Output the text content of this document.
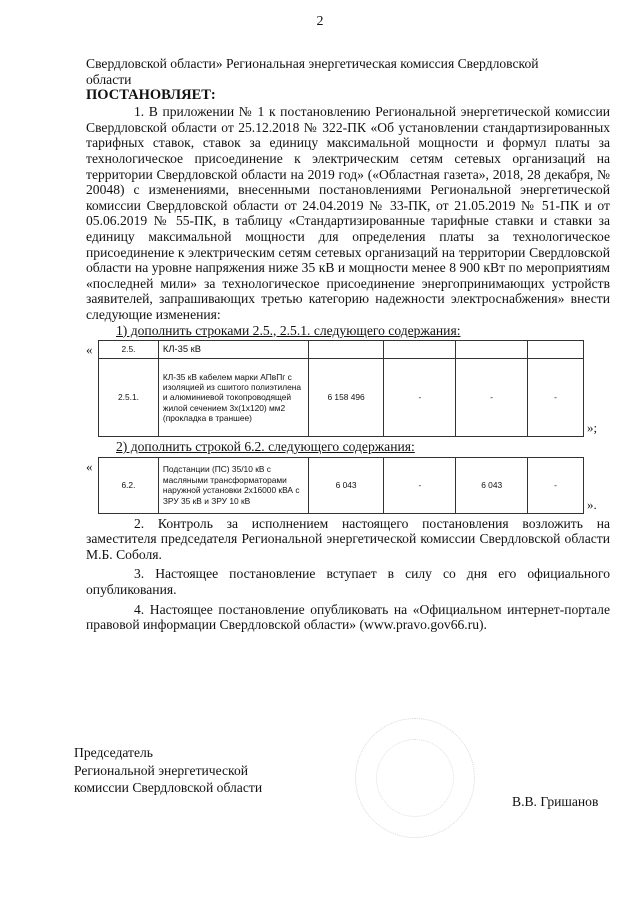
2

Свердловской области» Региональная энергетическая комиссия Свердловской

области

ПОСТАНОВЛЯЕТ:

1. В приложении № 1 к постановлению Региональной энергетической комиссии Свердловской области от 25.12.2018 № 322-ПК «Об установлении стандартизированных тарифных ставок, ставок за единицу максимальной мощности и формул платы за технологическое присоединение к электрическим сетям сетевых организаций на территории Свердловской области на 2019 год» («Областная газета», 2018, 28 декабря, № 20048) с изменениями, внесенными постановлениями Региональной энергетической комиссии Свердловской области от 24.04.2019 № 33-ПК, от 21.05.2019 № 51-ПК и от 05.06.2019 № 55-ПК, в таблицу «Стандартизированные тарифные ставки и ставки за единицу максимальной мощности для определения платы за технологическое присоединение к электрическим сетям сетевых организаций на территории Свердловской области на уровне напряжения ниже 35 кВ и мощности менее 8 900 кВт по мероприятиям «последней мили» за технологическое присоединение энергопринимающих устройств заявителей, запрашивающих третью категорию надежности электроснабжения» внести следующие изменения:

1) дополнить строками 2.5., 2.5.1. следующего содержания:

«	2.5.	КЛ-35 кВ				
2.5.1.	КЛ-35 кВ кабелем марки АПвПг с изоляцией из сшитого полиэтилена и алюминиевой токопроводящей жилой сечением 3х(1х120) мм2 (прокладка в траншее)	6 158 496	-	-	-
»;

2) дополнить строкой 6.2. следующего содержания:

«
6.2.	Подстанции (ПС) 35/10 кВ с масляными трансформаторами наружной установки 2х16000 кВА с ЗРУ 35 кВ и ЗРУ 10 кВ	6 043	-	6 043	-
».

2. Контроль за исполнением настоящего постановления возложить на заместителя председателя Региональной энергетической комиссии Свердловской области М.Б. Соболя.

3. Настоящее постановление вступает в силу со дня его официального опубликования.

4. Настоящее постановление опубликовать на «Официальном интернет-портале правовой информации Свердловской области» (www.pravo.gov66.ru).

Председатель
Региональной энергетической
комиссии Свердловской области
В.В. Гришанов
